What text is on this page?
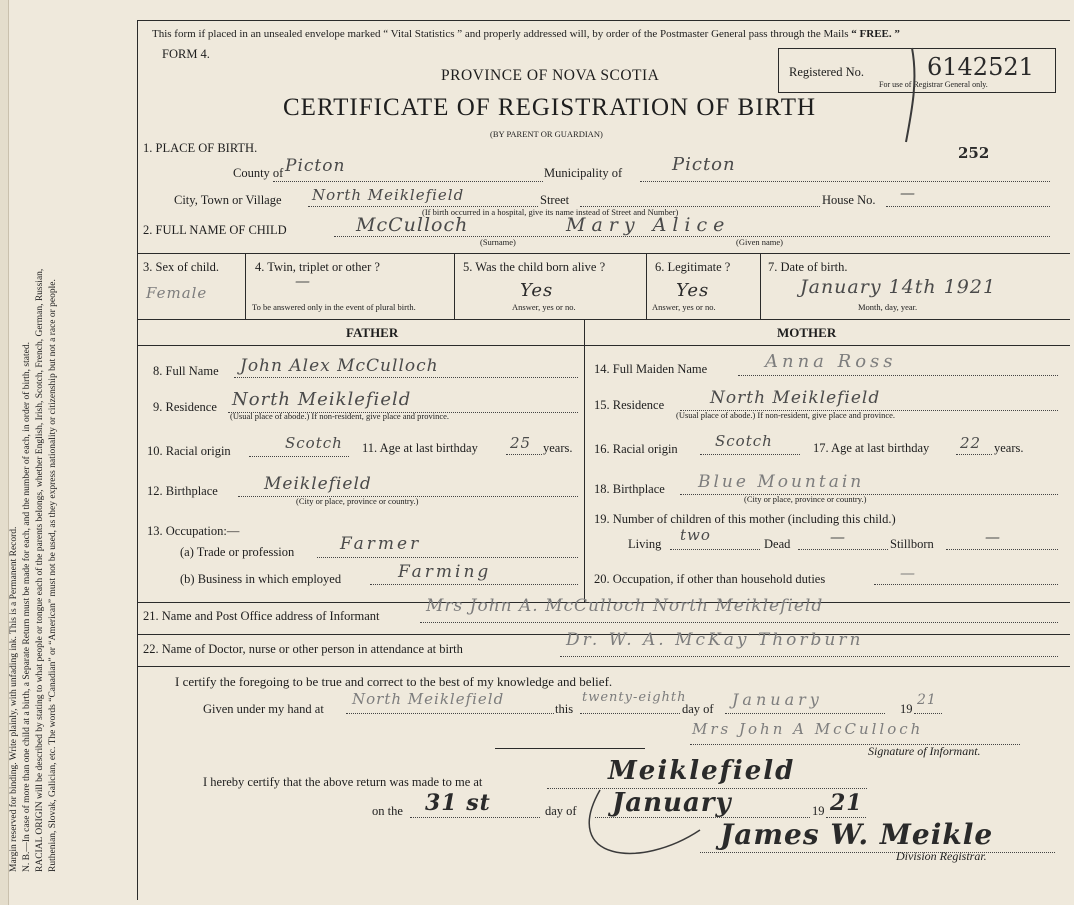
Margin reserved for binding. Write plainly, with unfading ink. This is a Permanent Record. N. B.—In case of more than one child at a birth, a Separate Return must be made for each, and the number of each, in order of birth, stated. RACIAL ORIGIN will be described by stating to what people or tongue each of the parents belongs, whether English, Irish, Scotch, French, German, Russian, Ruthenian, Slovak, Galician, etc. The words “Canadian” or “American” must not be used, as they express nationality or citizenship but not a race or people.
This form if placed in an unsealed envelope marked “ Vital Statistics ” and properly addressed will, by order of the Postmaster General pass through the Mails “ FREE. ”
FORM 4.
PROVINCE OF NOVA SCOTIA
CERTIFICATE OF REGISTRATION OF BIRTH
(BY PARENT OR GUARDIAN)
Registered No.	6142521
For use of Registrar General only.
252
1. PLACE OF BIRTH.
County of Picton	Municipality of	Picton
City, Town or Village North Meiklefield	Street
(If birth occurred in a hospital, give its name instead of Street and Number)
House No. —
2. FULL NAME OF CHILD	McCulloch	Mary Alice
(Surname)	(Given name)
3. Sex of child.
Female
4. Twin, triplet or other ?
—
To be answered only in the event of plural birth.
5. Was the child born alive ?
Yes
Answer, yes or no.
6. Legitimate ?
Yes
Answer, yes or no.
7. Date of birth.
January 14th 1921
Month, day, year.
FATHER	MOTHER
8. Full Name John Alex McCulloch
9. Residence North Meiklefield
(Usual place of abode.) If non-resident, give place and province.
10. Racial origin	Scotch 11. Age at last birthday 25 years.
12. Birthplace	Meiklefield
(City or place, province or country.)
13. Occupation:—
(a) Trade or profession	Farmer
(b) Business in which employed	Farming
14. Full Maiden Name	Anna Ross
15. Residence	North Meiklefield
(Usual place of abode.) If non-resident, give place and province.
16. Racial origin Scotch	17. Age at last birthday 22 years.
18. Birthplace Blue Mountain
(City or place, province or country.)
19. Number of children of this mother (including this child.)
Living two	Dead	—	Stillborn	—
20. Occupation, if other than household duties	—
21. Name and Post Office address of Informant	Mrs John A. McCulloch North Meiklefield
22. Name of Doctor, nurse or other person in attendance at birth	Dr. W. A. McKay Thorburn
I certify the foregoing to be true and correct to the best of my knowledge and belief.
Given under my hand at
North Meiklefield
this
twenty-eighth
day of January	19
21
Mrs John A McCulloch
Signature of Informant.
I hereby certify that the above return was made to me at	Meiklefield
on the 31 st	day of January	19 21
James W. Meikle
Division Registrar.
